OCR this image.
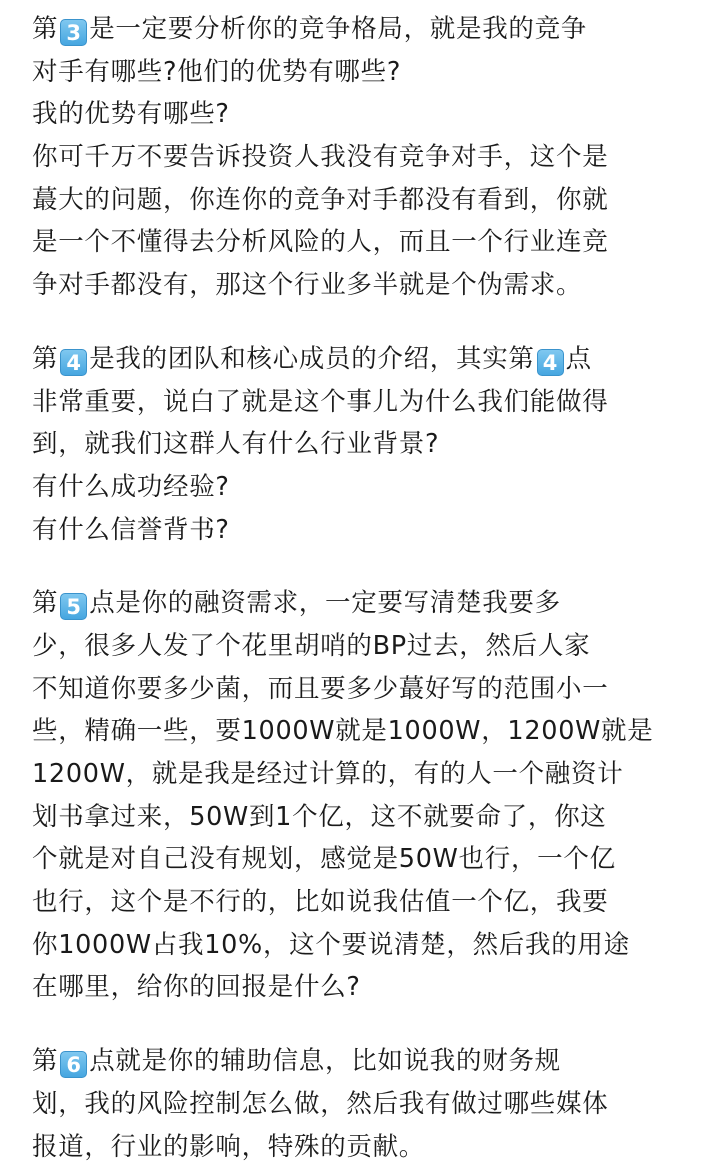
第 3 是一定要分析你的竞争格局，就是我的竞争
对手有哪些?他们的优势有哪些?
我的优势有哪些?
你可千万不要告诉投资人我没有竞争对手，这个是
蕞大的问题，你连你的竞争对手都没有看到，你就
是一个不懂得去分析风险的人，而且一个行业连竞
争对手都没有，那这个行业多半就是个伪需求。
第 4 是我的团队和核心成员的介绍，其实第 4 点
非常重要，说白了就是这个事儿为什么我们能做得
到，就我们这群人有什么行业背景?
有什么成功经验?
有什么信誉背书?
第 5 点是你的融资需求，一定要写清楚我要多
少，很多人发了个花里胡哨的BP过去，然后人家
不知道你要多少菌，而且要多少蕞好写的范围小一
些，精确一些，要1000W就是1000W，1200W就是
1200W，就是我是经过计算的，有的人一个融资计
划书拿过来，50W到1个亿，这不就要命了，你这
个就是对自己没有规划，感觉是50W也行，一个亿
也行，这个是不行的，比如说我估值一个亿，我要
你1000W占我10%，这个要说清楚，然后我的用途
在哪里，给你的回报是什么?
第 6 点就是你的辅助信息，比如说我的财务规
划，我的风险控制怎么做，然后我有做过哪些媒体
报道，行业的影响，特殊的贡献。
